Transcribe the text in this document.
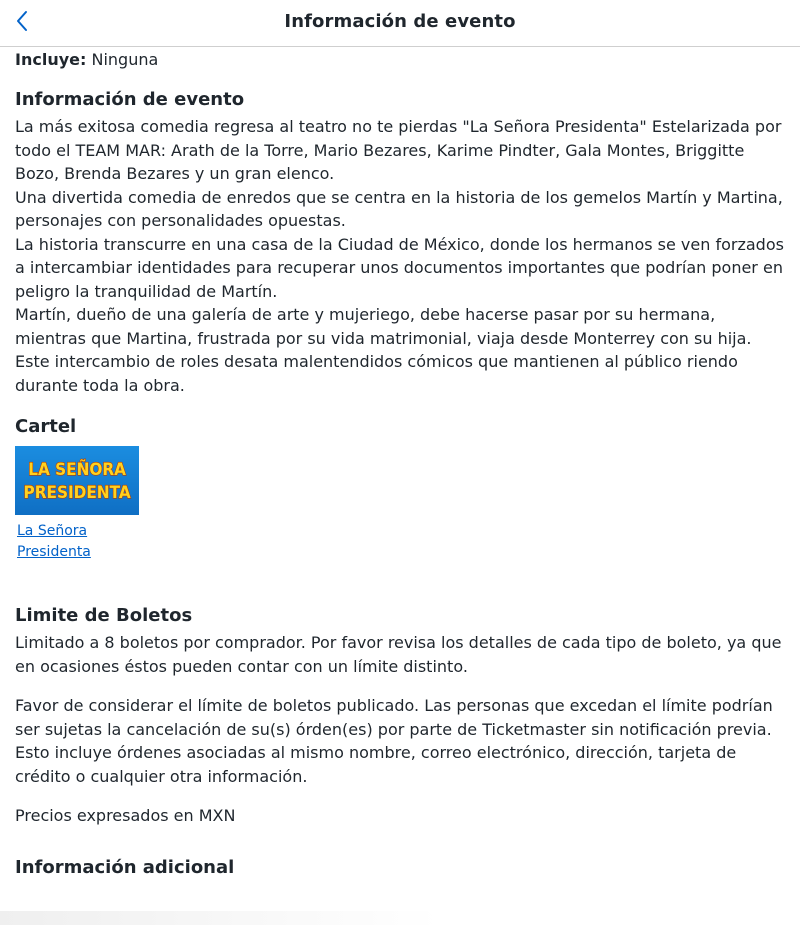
Información de evento
Incluye: Ninguna
Información de evento

La más exitosa comedia regresa al teatro no te pierdas "La Señora Presidenta" Estelarizada por todo el TEAM MAR: Arath de la Torre, Mario Bezares, Karime Pindter, Gala Montes, Briggitte Bozo, Brenda Bezares y un gran elenco.

Una divertida comedia de enredos que se centra en la historia de los gemelos Martín y Martina, personajes con personalidades opuestas.

La historia transcurre en una casa de la Ciudad de México, donde los hermanos se ven forzados a intercambiar identidades para recuperar unos documentos importantes que podrían poner en peligro la tranquilidad de Martín.

Martín, dueño de una galería de arte y mujeriego, debe hacerse pasar por su hermana, mientras que Martina, frustrada por su vida matrimonial, viaja desde Monterrey con su hija. Este intercambio de roles desata malentendidos cómicos que mantienen al público riendo durante toda la obra.

Cartel
LA SEÑORA
PRESIDENTA
La Señora Presidenta
Limite de Boletos

Limitado a 8 boletos por comprador. Por favor revisa los detalles de cada tipo de boleto, ya que en ocasiones éstos pueden contar con un límite distinto.

Favor de considerar el límite de boletos publicado. Las personas que excedan el límite podrían ser sujetas la cancelación de su(s) órden(es) por parte de Ticketmaster sin notificación previa. Esto incluye órdenes asociadas al mismo nombre, correo electrónico, dirección, tarjeta de crédito o cualquier otra información.

Precios expresados en MXN

Información adicional
